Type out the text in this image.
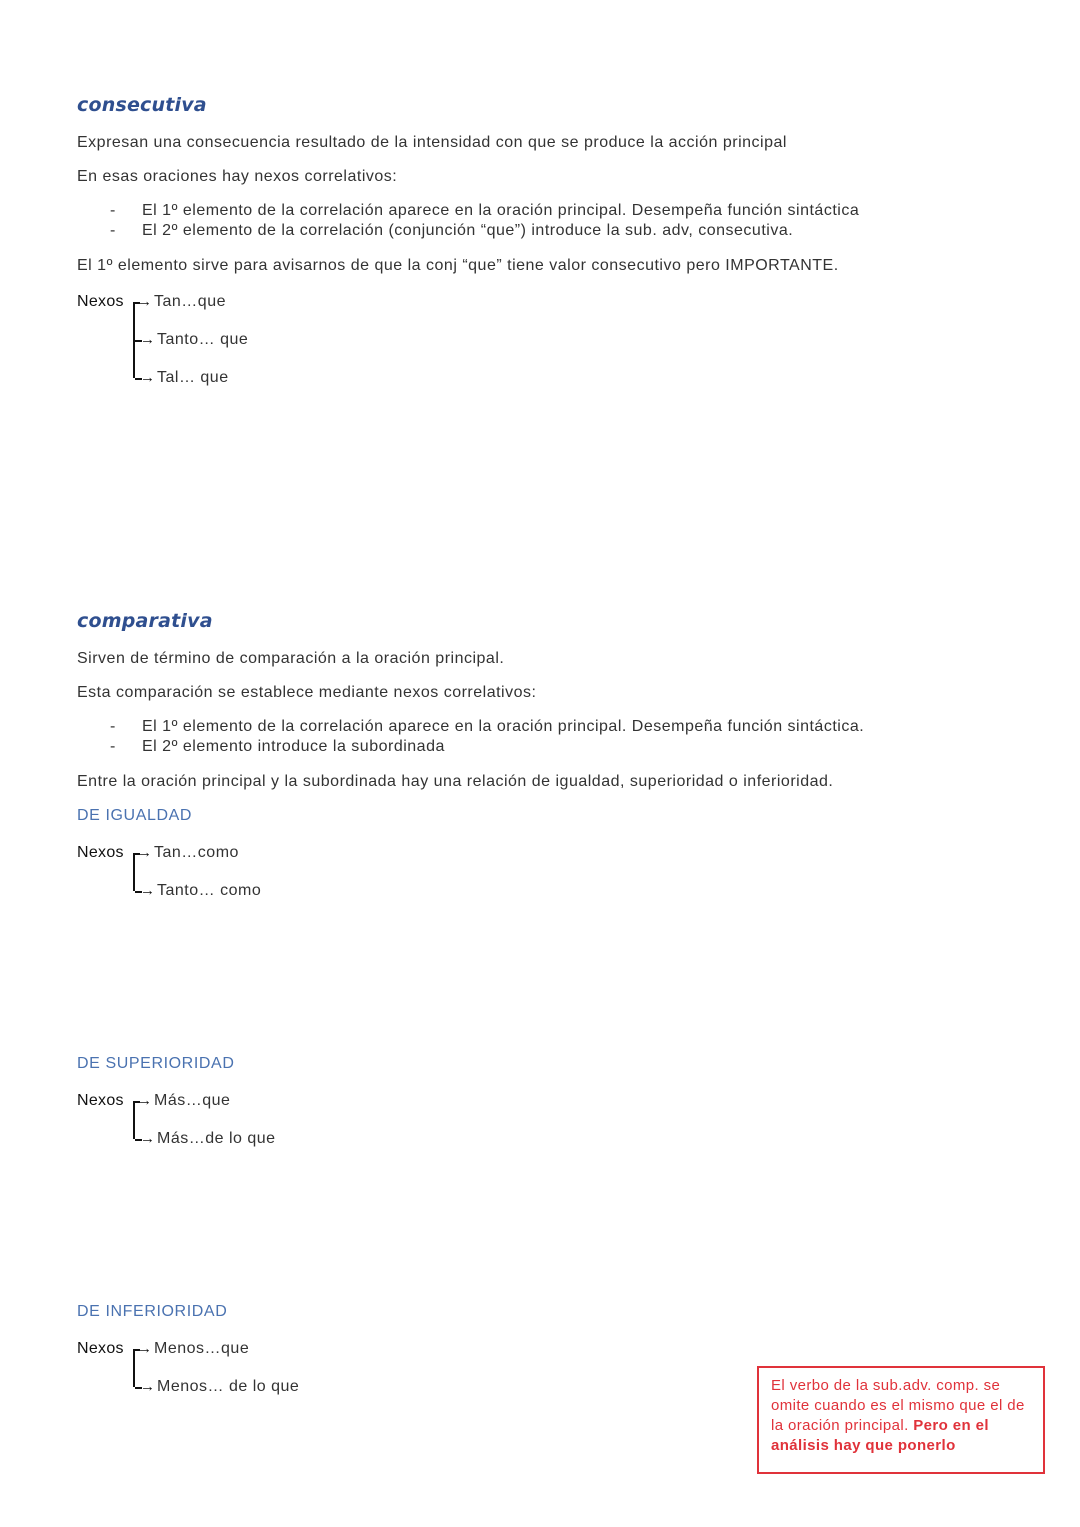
consecutiva
Expresan una consecuencia resultado de la intensidad con que se produce la acción principal
En esas oraciones hay nexos correlativos:
- El 1º elemento de la correlación aparece en la oración principal. Desempeña función sintáctica
- El 2º elemento de la correlación (conjunción “que”) introduce la sub. adv, consecutiva.
El 1º elemento sirve para avisarnos de que la conj “que” tiene valor consecutivo pero IMPORTANTE.
Nexos →
→
→
Tan…que
Tanto… que
Tal… que
comparativa
Sirven de término de comparación a la oración principal.
Esta comparación se establece mediante nexos correlativos:
- El 1º elemento de la correlación aparece en la oración principal. Desempeña función sintáctica.
- El 2º elemento introduce la subordinada
Entre la oración principal y la subordinada hay una relación de igualdad, superioridad o inferioridad.
DE IGUALDAD
Nexos →
→
Tan…como
Tanto… como
DE SUPERIORIDAD
Nexos →
→
Más…que
Más…de lo que
DE INFERIORIDAD
Nexos →
→
Menos…que
Menos… de lo que	El verbo de la sub.adv. comp. se omite cuando es el mismo que el de la oración principal. Pero en el análisis hay que ponerlo
